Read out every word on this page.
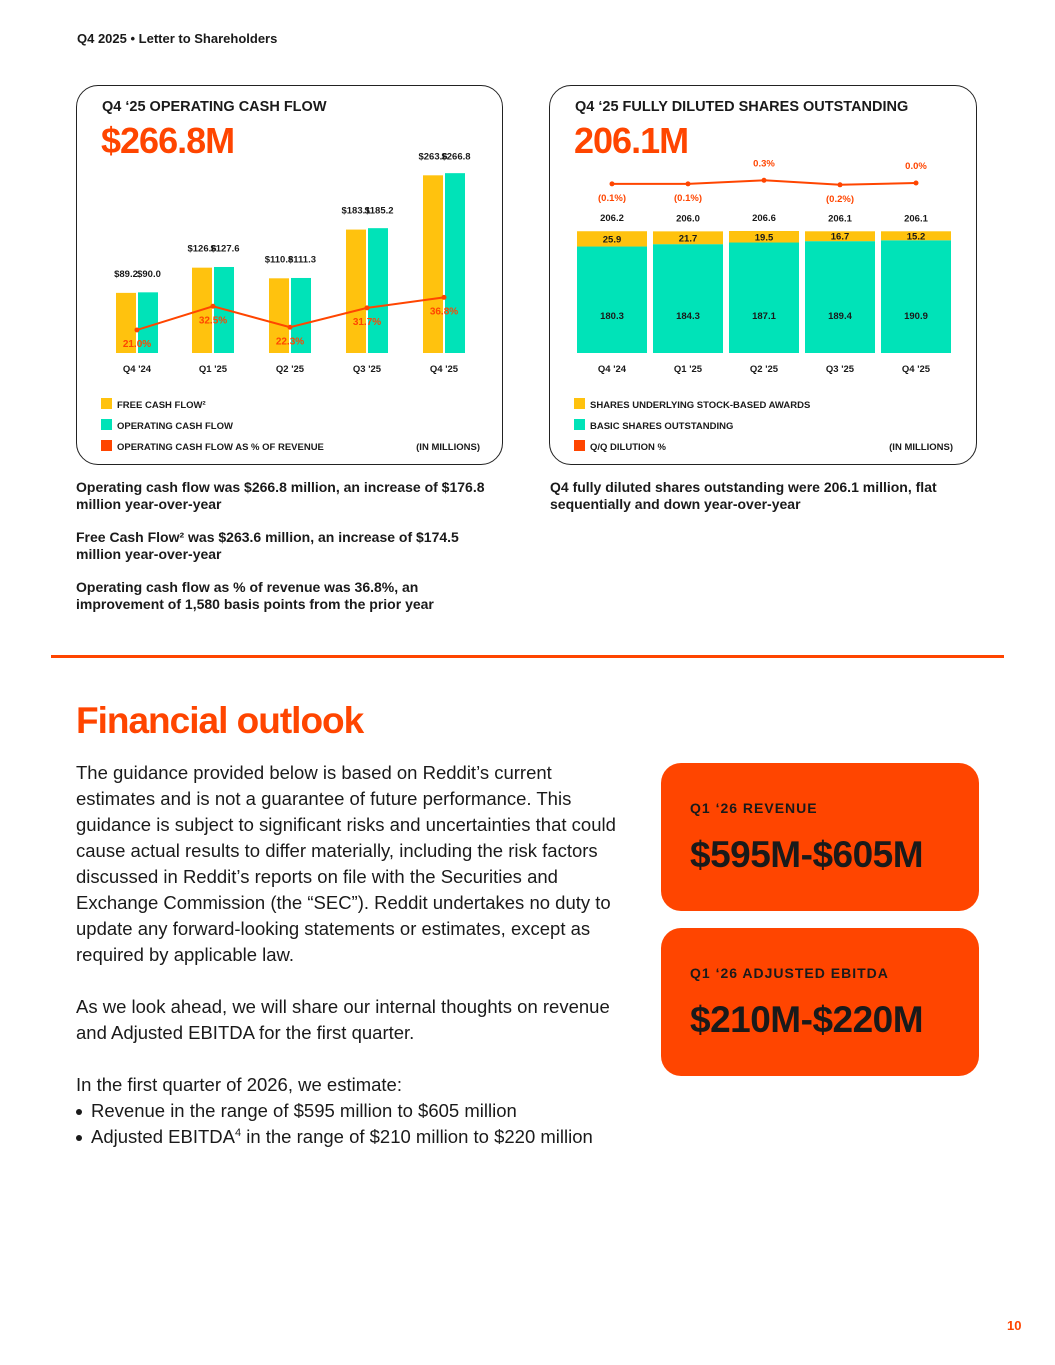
Q4 2025 • Letter to Shareholders
Q4 ‘25 OPERATING CASH FLOW
$266.8M
$89.2 $90.0
Q4 '24
$126.6
$127.6
Q1 '25
$110.8
$111.3
Q2 '25
$183.1
$185.2
Q3 '25
$263.6
$266.8
Q4 '25
21.0%
32.5%
22.3%
31.7%
36.8%
FREE CASH FLOW²
OPERATING CASH FLOW
OPERATING CASH FLOW AS % OF REVENUE	(IN MILLIONS)
Q4 ‘25 FULLY DILUTED SHARES OUTSTANDING
206.1M
25.9
180.3
206.2
Q4 '24
21.7
184.3
206.0
Q1 '25
19.5
187.1
206.6
Q2 '25
16.7
189.4
206.1
Q3 '25
15.2
190.9
206.1
Q4 '25
(0.1%)	(0.1%)
0.3%
(0.2%)
0.0%
SHARES UNDERLYING STOCK-BASED AWARDS
BASIC SHARES OUTSTANDING
Q/Q DILUTION %	(IN MILLIONS)

Operating cash flow was $266.8 million, an increase of $176.8 million year-over-year

Free Cash Flow² was $263.6 million, an increase of $174.5 million year-over-year

Operating cash flow as % of revenue was 36.8%, an improvement of 1,580 basis points from the prior year

Q4 fully diluted shares outstanding were 206.1 million, flat sequentially and down year-over-year

Financial outlook

The guidance provided below is based on Reddit’s current estimates and is not a guarantee of future performance. This guidance is subject to significant risks and uncertainties that could cause actual results to differ materially, including the risk factors discussed in Reddit’s reports on file with the Securities and Exchange Commission (the “SEC”). Reddit undertakes no duty to update any forward-looking statements or estimates, except as required by applicable law.

As we look ahead, we will share our internal thoughts on revenue and Adjusted EBITDA for the first quarter.

In the first quarter of 2026, we estimate:

Revenue in the range of $595 million to $605 million
Adjusted EBITDA$^4$ in the range of $210 million to $220 million
Q1 ‘26 REVENUE
$595M-$605M
Q1 ‘26 ADJUSTED EBITDA
$210M-$220M
10
